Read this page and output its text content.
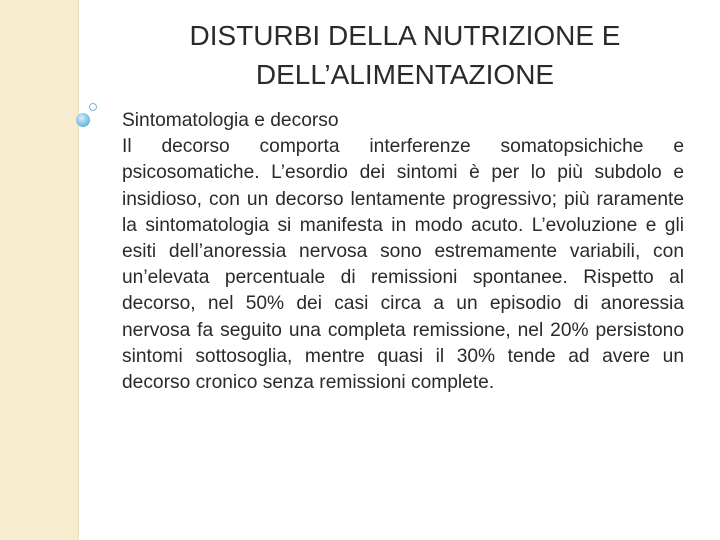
DISTURBI DELLA NUTRIZIONE E
DELL’ALIMENTAZIONE

Sintomatologia e decorso

Il decorso comporta interferenze somatopsichiche e psicosomatiche. L’esordio dei sintomi è per lo più subdolo e insidioso, con un decorso lentamente progressivo; più raramente la sintomatologia si manifesta in modo acuto. L’evoluzione e gli esiti dell’anoressia nervosa sono estremamente variabili, con un’elevata percentuale di remissioni spontanee. Rispetto al decorso, nel 50% dei casi circa a un episodio di anoressia nervosa fa seguito una completa remissione, nel 20% persistono sintomi sottosoglia, mentre quasi il 30% tende ad avere un decorso cronico senza remissioni complete.
